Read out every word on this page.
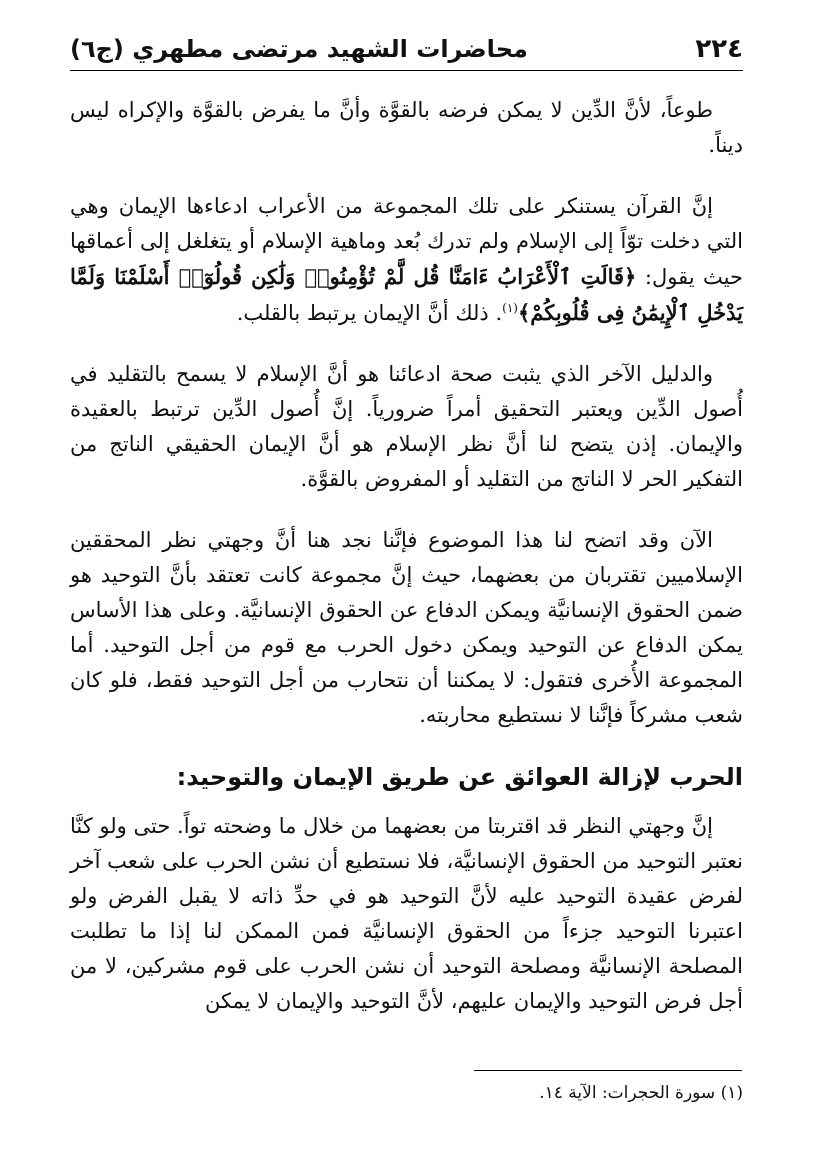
٢٢٤
محاضرات الشهيد مرتضى مطهري (ج٦)

طوعاً، لأنَّ الدِّين لا يمكن فرضه بالقوَّة وأنَّ ما يفرض بالقوَّة والإكراه ليس ديناً.

إنَّ القرآن يستنكر على تلك المجموعة من الأعراب ادعاءها الإيمان وهي التي دخلت توّاً إلى الإسلام ولم تدرك بُعد وماهية الإسلام أو يتغلغل إلى أعماقها حيث يقول: ﴿قَالَتِ ٱلْأَعْرَابُ ءَامَنَّا قُل لَّمْ تُؤْمِنُوا۟ وَلَٰكِن قُولُوٓا۟ أَسْلَمْنَا وَلَمَّا يَدْخُلِ ٱلْإِيمَٰنُ فِى قُلُوبِكُمْ﴾$^{(١)}$. ذلك أنَّ الإيمان يرتبط بالقلب.

والدليل الآخر الذي يثبت صحة ادعائنا هو أنَّ الإسلام لا يسمح بالتقليد في أُصول الدِّين ويعتبر التحقيق أمراً ضرورياً. إنَّ أُصول الدِّين ترتبط بالعقيدة والإيمان. إذن يتضح لنا أنَّ نظر الإسلام هو أنَّ الإيمان الحقيقي الناتج من التفكير الحر لا الناتج من التقليد أو المفروض بالقوَّة.

الآن وقد اتضح لنا هذا الموضوع فإنَّنا نجد هنا أنَّ وجهتي نظر المحققين الإسلاميين تقتربان من بعضهما، حيث إنَّ مجموعة كانت تعتقد بأنَّ التوحيد هو ضمن الحقوق الإنسانيَّة ويمكن الدفاع عن الحقوق الإنسانيَّة. وعلى هذا الأساس يمكن الدفاع عن التوحيد ويمكن دخول الحرب مع قوم من أجل التوحيد. أما المجموعة الأُخرى فتقول: لا يمكننا أن نتحارب من أجل التوحيد فقط، فلو كان شعب مشركاً فإنَّنا لا نستطيع محاربته.

الحرب لإزالة العوائق عن طريق الإيمان والتوحيد:

إنَّ وجهتي النظر قد اقتربتا من بعضهما من خلال ما وضحته تواً. حتى ولو كنَّا نعتبر التوحيد من الحقوق الإنسانيَّة، فلا نستطيع أن نشن الحرب على شعب آخر لفرض عقيدة التوحيد عليه لأنَّ التوحيد هو في حدِّ ذاته لا يقبل الفرض ولو اعتبرنا التوحيد جزءاً من الحقوق الإنسانيَّة فمن الممكن لنا إذا ما تطلبت المصلحة الإنسانيَّة ومصلحة التوحيد أن نشن الحرب على قوم مشركين، لا من أجل فرض التوحيد والإيمان عليهم، لأنَّ التوحيد والإيمان لا يمكن

(١) سورة الحجرات: الآية ١٤.
